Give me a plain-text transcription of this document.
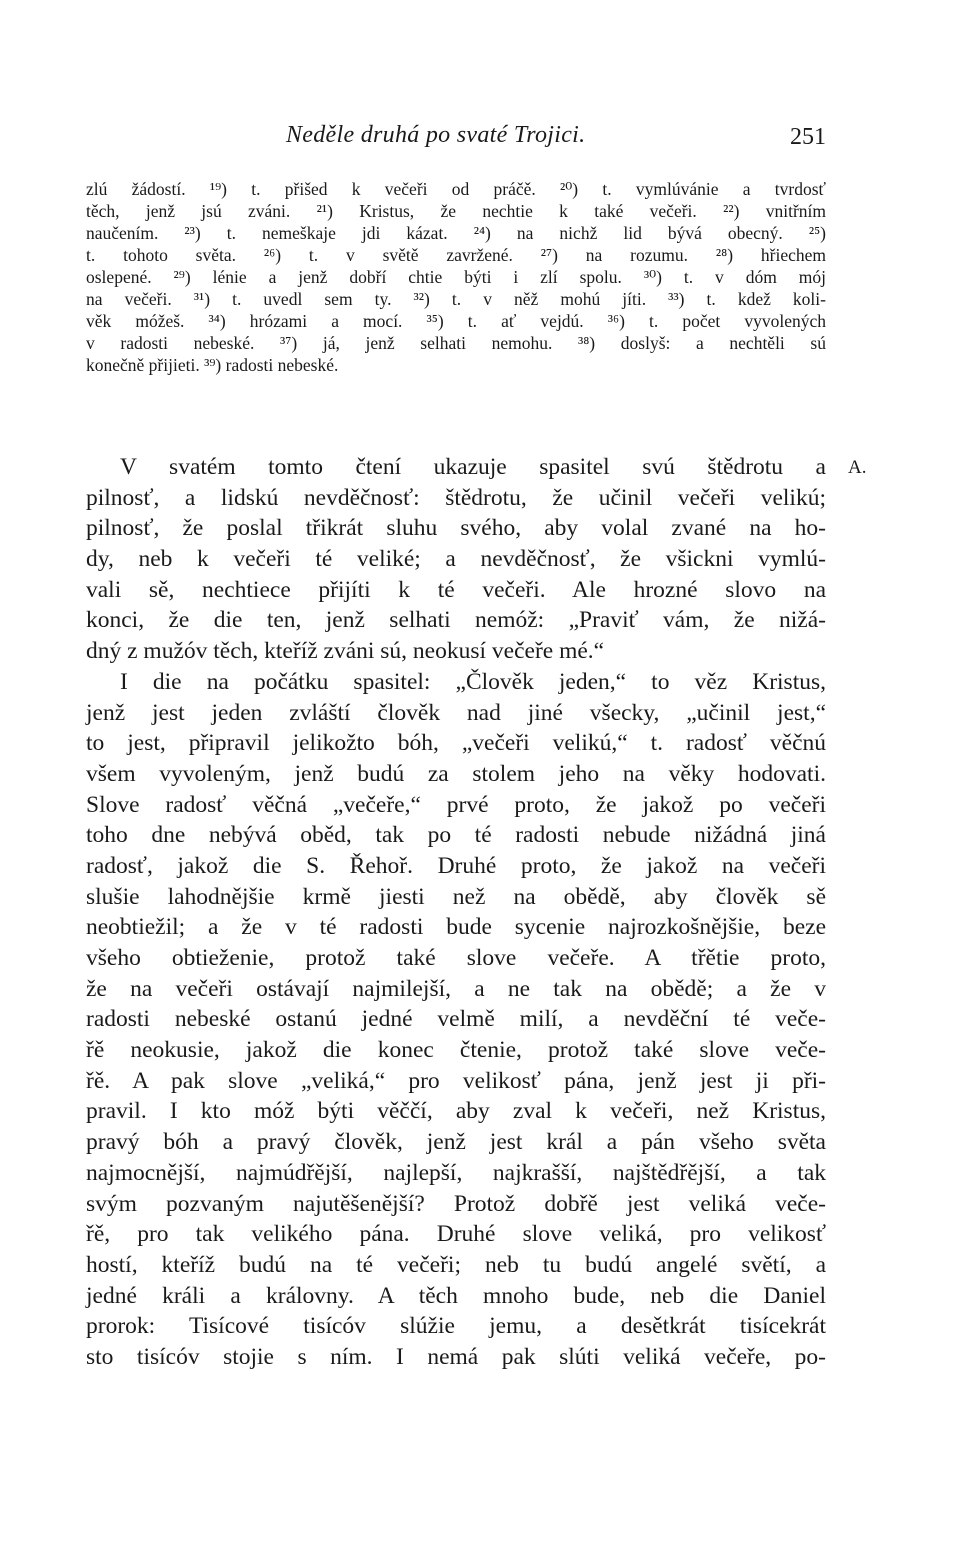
Neděle druhá po svaté Trojici.	251
zlú žádostí. ¹⁹) t. přišed k večeři od práčě. ²⁰) t. vymlúvánie a tvrdosť
těch, jenž jsú zváni. ²¹) Kristus, že nechtie k také večeři. ²²) vnitřním
naučením. ²³) t. nemeškaje jdi kázat. ²⁴) na nichž lid bývá obecný. ²⁵)
t. tohoto světa. ²⁶) t. v světě zavržené. ²⁷) na rozumu. ²⁸) hřiechem
oslepené. ²⁹) lénie a jenž dobří chtie býti i zlí spolu. ³⁰) t. v dóm mój
na večeři. ³¹) t. uvedl sem ty. ³²) t. v něž mohú jíti. ³³) t. kdež koli-
věk móžeš. ³⁴) hrózami a mocí. ³⁵) t. ať vejdú. ³⁶) t. počet vyvolených
v radosti nebeské. ³⁷) já, jenž selhati nemohu. ³⁸) doslyš: a nechtěli sú
konečně přijieti. ³⁹) radosti nebeské.
A.
V svatém tomto čtení ukazuje spasitel svú štědrotu a
pilnosť, a lidskú nevděčnosť: štědrotu, že učinil večeři velikú;
pilnosť, že poslal třikrát sluhu svého, aby volal zvané na ho-
dy, neb k večeři té veliké; a nevděčnosť, že všickni vymlú-
vali sě, nechtiece přijíti k té večeři. Ale hrozné slovo na
konci, že die ten, jenž selhati nemóž: „Praviť vám, že nižá-
dný z mužóv těch, kteříž zváni sú, neokusí večeře mé.“
I die na počátku spasitel: „Člověk jeden,“ to věz Kristus,
jenž jest jeden zvláští člověk nad jiné všecky, „učinil jest,“
to jest, připravil jelikožto bóh, „večeři velikú,“ t. radosť věčnú
všem vyvoleným, jenž budú za stolem jeho na věky hodovati.
Slove radosť věčná „večeře,“ prvé proto, že jakož po večeři
toho dne nebývá oběd, tak po té radosti nebude nižádná jiná
radosť, jakož die S. Řehoř. Druhé proto, že jakož na večeři
slušie lahodnějšie krmě jiesti než na obědě, aby člověk sě
neobtiežil; a že v té radosti bude sycenie najrozkošnějšie, beze
všeho obtieženie, protož také slove večeře. A třětie proto,
že na večeři ostávají najmilejší, a ne tak na obědě; a že v
radosti nebeské ostanú jedné velmě milí, a nevděční té veče-
řě neokusie, jakož die konec čtenie, protož také slove veče-
řě. A pak slove „veliká,“ pro velikosť pána, jenž jest ji při-
pravil. I kto móž býti věččí, aby zval k večeři, než Kristus,
pravý bóh a pravý člověk, jenž jest král a pán všeho světa
najmocnější, najmúdřější, najlepší, najkrašší, najštědřější, a tak
svým pozvaným najutěšenější? Protož dobřě jest veliká veče-
řě, pro tak velikého pána. Druhé slove veliká, pro velikosť
hostí, kteříž budú na té večeři; neb tu budú angelé světí, a
jedné králi a královny. A těch mnoho bude, neb die Daniel
prorok: Tisícové tisícóv slúžie jemu, a desětkrát tisícekrát
sto tisícóv stojie s ním. I nemá pak slúti veliká večeře, po-
